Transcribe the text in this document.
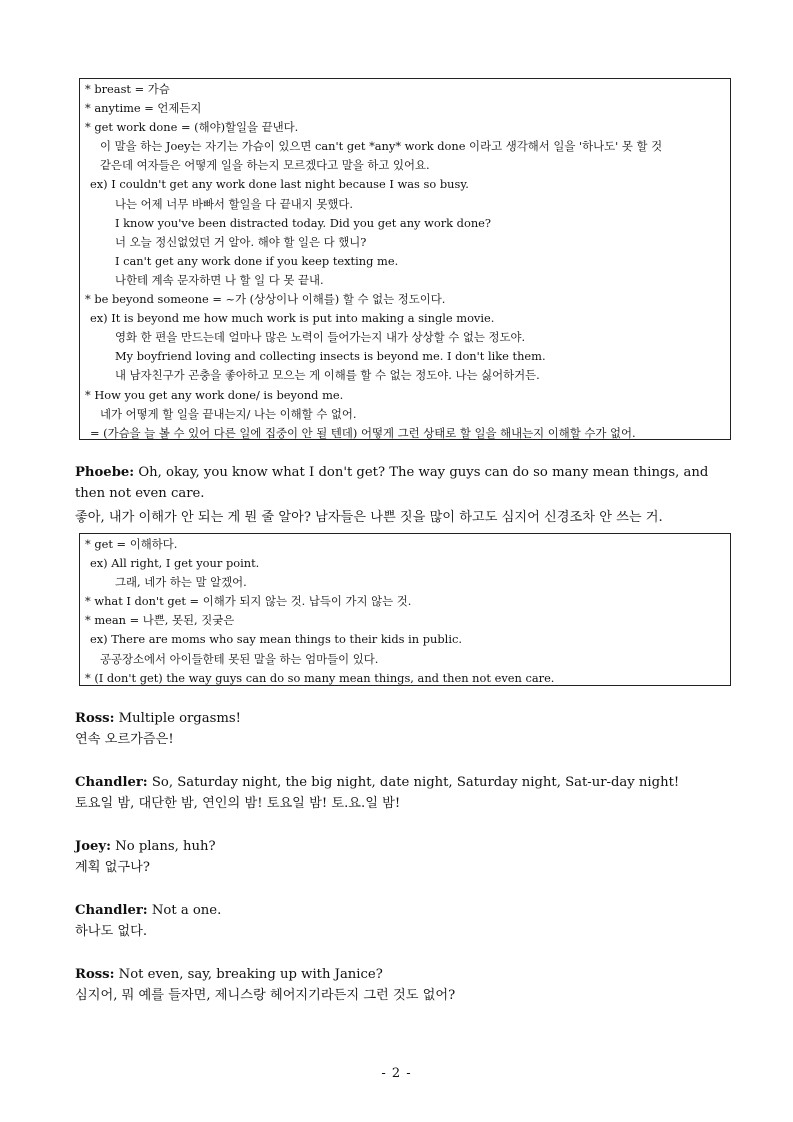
* breast = 가슴
* anytime = 언제든지
* get work done = (해야)할일을 끝낸다.
이 말을 하는 Joey는 자기는 가슴이 있으면 can't get *any* work done 이라고 생각해서 일을 '하나도' 못 할 것
같은데 여자들은 어떻게 일을 하는지 모르겠다고 말을 하고 있어요.
ex) I couldn't get any work done last night because I was so busy.
나는 어제 너무 바빠서 할일을 다 끝내지 못했다.
I know you've been distracted today. Did you get any work done?
너 오늘 정신없었던 거 알아. 해야 할 일은 다 했니?
I can't get any work done if you keep texting me.
나한테 계속 문자하면 나 할 일 다 못 끝내.
* be beyond someone = ~가 (상상이나 이해를) 할 수 없는 정도이다.
ex) It is beyond me how much work is put into making a single movie.
영화 한 편을 만드는데 얼마나 많은 노력이 들어가는지 내가 상상할 수 없는 정도야.
My boyfriend loving and collecting insects is beyond me. I don't like them.
내 남자친구가 곤충을 좋아하고 모으는 게 이해를 할 수 없는 정도야. 나는 싫어하거든.
* How you get any work done/ is beyond me.
네가 어떻게 할 일을 끝내는지/ 나는 이해할 수 없어.
= (가슴을 늘 볼 수 있어 다른 일에 집중이 안 될 텐데) 어떻게 그런 상태로 할 일을 해내는지 이해할 수가 없어.
Phoebe: Oh, okay, you know what I don't get? The way guys can do so many mean things, and then not even care.
좋아, 내가 이해가 안 되는 게 뭔 줄 알아? 남자들은 나쁜 짓을 많이 하고도 심지어 신경조차 안 쓰는 거.
* get = 이해하다.
ex) All right, I get your point.
그래, 네가 하는 말 알겠어.
* what I don't get = 이해가 되지 않는 것. 납득이 가지 않는 것.
* mean = 나쁜, 못된, 짓궂은
ex) There are moms who say mean things to their kids in public.
공공장소에서 아이들한테 못된 말을 하는 엄마들이 있다.
* (I don't get) the way guys can do so many mean things, and then not even care.
Ross: Multiple orgasms!
연속 오르가즘은!
Chandler: So, Saturday night, the big night, date night, Saturday night, Sat-ur-day night!
토요일 밤, 대단한 밤, 연인의 밤! 토요일 밤! 토.요.일 밤!
Joey: No plans, huh?
계획 없구나?
Chandler: Not a one.
하나도 없다.
Ross: Not even, say, breaking up with Janice?
심지어, 뭐 예를 들자면, 제니스랑 헤어지기라든지 그런 것도 없어?
- 2 -
